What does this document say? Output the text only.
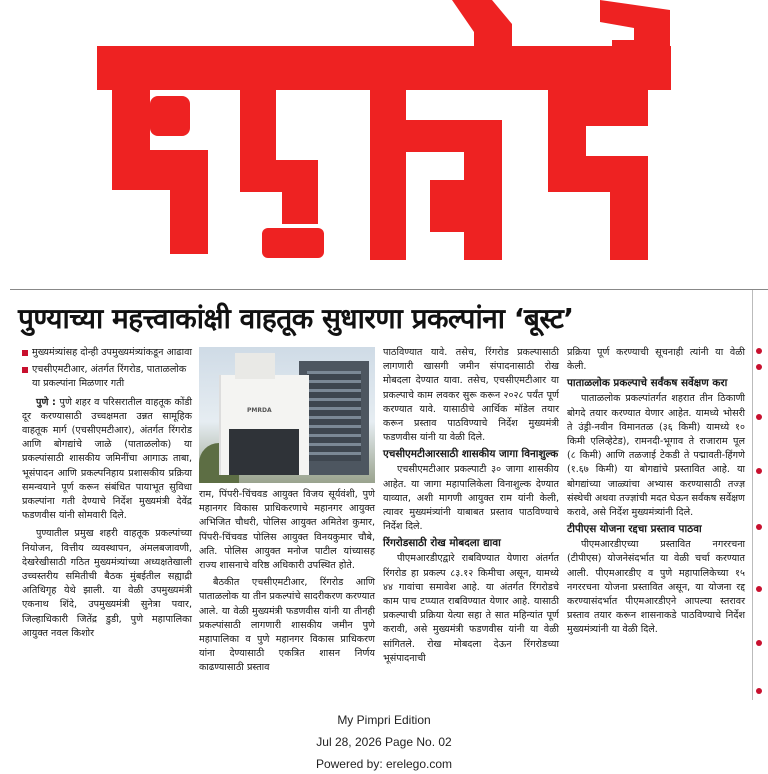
पुण्याच्या महत्त्वाकांक्षी वाहतूक सुधारणा प्रकल्पांना ‘बूस्ट’
मुख्यमंत्र्यांसह दोन्ही उपमुख्यमंत्र्यांकडून आढावा
एचसीएमटीआर, अंतर्गत रिंगरोड, पाताळलोक या प्रकल्पांना मिळणार गती

पुणे : पुणे शहर व परिसरातील वाहतूक कोंडी दूर करण्यासाठी उच्चक्षमता उन्नत सामूहिक वाहतूक मार्ग (एचसीएमटीआर), अंतर्गत रिंगरोड आणि बोगद्यांचे जाळे (पाताळलोक) या प्रकल्पांसाठी शासकीय जमिनींचा आगाऊ ताबा, भूसंपादन आणि प्रकल्पनिहाय प्रशासकीय प्रक्रिया समन्वयाने पूर्ण करून संबंधित पायाभूत सुविधा प्रकल्पांना गती देण्याचे निर्देश मुख्यमंत्री देवेंद्र फडणवीस यांनी सोमवारी दिले.

पुण्यातील प्रमुख शहरी वाहतूक प्रकल्पांच्या नियोजन, वित्तीय व्यवस्थापन, अंमलबजावणी, देखरेखीसाठी गठित मुख्यमंत्र्यांच्या अध्यक्षतेखाली उच्चस्तरीय समितीची बैठक मुंबईतील सह्याद्री अतिथिगृह येथे झाली. या वेळी उपमुख्यमंत्री एकनाथ शिंदे, उपमुख्यमंत्री सुनेत्रा पवार, जिल्हाधिकारी जितेंद्र डुडी, पुणे महापालिका आयुक्त नवल किशोर

PMRDA

राम, पिंपरी-चिंचवड आयुक्त विजय सूर्यवंशी, पुणे महानगर विकास प्राधिकरणाचे महानगर आयुक्त अभिजित चौधरी, पोलिस आयुक्त अमितेश कुमार, पिंपरी-चिंचवड पोलिस आयुक्त विनयकुमार चौबे, अति. पोलिस आयुक्त मनोज पाटील यांच्यासह राज्य शासनाचे वरिष्ठ अधिकारी उपस्थित होते.

बैठकीत एचसीएमटीआर, रिंगरोड आणि पाताळलोक या तीन प्रकल्पांचे सादरीकरण करण्यात आले. या वेळी मुख्यमंत्री फडणवीस यांनी या तीनही प्रकल्पांसाठी लागणारी शासकीय जमीन पुणे महापालिका व पुणे महानगर विकास प्राधिकरण यांना देण्यासाठी एकत्रित शासन निर्णय काढण्यासाठी प्रस्ताव

पाठविण्यात यावे. तसेच, रिंगरोड प्रकल्पासाठी लागणारी खासगी जमीन संपादनासाठी रोख मोबदला देण्यात यावा. तसेच, एचसीएमटीआर या प्रकल्पाचे काम लवकर सुरू करून २०२८ पर्यंत पूर्ण करण्यात यावे. यासाठीचे आर्थिक मॉडेल तयार करून प्रस्ताव पाठविण्याचे निर्देश मुख्यमंत्री फडणवीस यांनी या वेळी दिले.

एचसीएमटीआरसाठी शासकीय जागा विनाशुल्क

एचसीएमटीआर प्रकल्पाटी ३० जागा शासकीय आहेत. या जागा महापालिकेला विनाशुल्क देण्यात याव्यात, अशी मागणी आयुक्त राम यांनी केली, त्यावर मुख्यमंत्र्यांनी याबाबत प्रस्ताव पाठविण्याचे निर्देश दिले.

रिंगरोडसाठी रोख मोबदला द्यावा

पीएमआरडीएद्वारे राबविण्यात येणारा अंतर्गत रिंगरोड हा प्रकल्प ८३.१२ किमीचा असून, यामध्ये ४४ गावांचा समावेश आहे. या अंतर्गत रिंगरोडचे काम पाच टप्प्यात राबविण्यात येणार आहे. यासाठी प्रकल्पाची प्रक्रिया येत्या सहा ते सात महिन्यांत पूर्ण करावी, असे मुख्यमंत्री फडणवीस यांनी या वेळी सांगितले. रोख मोबदला देऊन रिंगरोडच्या भूसंपादनाची

प्रक्रिया पूर्ण करण्याची सूचनाही त्यांनी या वेळी केली.

पाताळलोक प्रकल्पाचे सर्वंकष सर्वेक्षण करा

पाताळलोक प्रकल्पांतर्गत शहरात तीन ठिकाणी बोगदे तयार करण्यात येणार आहेत. यामध्ये भोसरी ते उंड्री-नवीन विमानतळ (३६ किमी) यामध्ये १० किमी एलिव्हेटेड), रामनदी-भूगाव ते राजाराम पूल (८ किमी) आणि तळजाई टेकडी ते पद्मावती-हिंगणे (१.६७ किमी) या बोगद्यांचे प्रस्तावित आहे. या बोगद्यांच्या जाळ्यांचा अभ्यास करण्यासाठी तज्ज्ञ संस्थेची अथवा तज्ज्ञांची मदत घेऊन सर्वंकष सर्वेक्षण करावे, असे निर्देश मुख्यमंत्र्यांनी दिले.

टीपीएस योजना रद्दचा प्रस्ताव पाठवा

पीएमआरडीएच्या प्रस्तावित नगररचना (टीपीएस) योजनेसंदर्भात या वेळी चर्चा करण्यात आली. पीएमआरडीए व पुणे महापालिकेच्या १५ नगररचना योजना प्रस्तावित असून, या योजना रद्द करण्यासंदर्भात पीएमआरडीएने आपल्या स्तरावर प्रस्ताव तयार करून शासनाकडे पाठविण्याचे निर्देश मुख्यमंत्र्यांनी या वेळी दिले.

My Pimpri Edition
Jul 28, 2026 Page No. 02
Powered by: erelego.com
